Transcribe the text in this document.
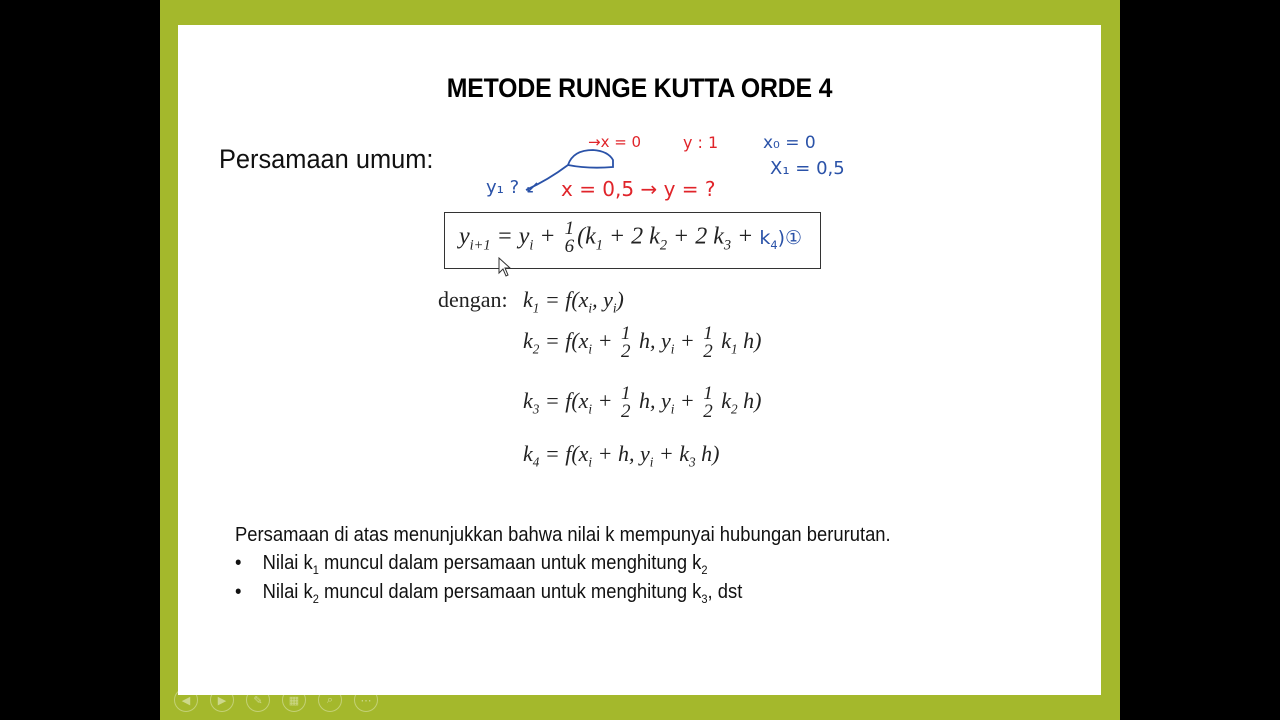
METODE RUNGE KUTTA ORDE 4
Persamaan umum:
→x = 0	y : 1
x = 0,5 → y = ?
y₁ ? ↙
x₀ = 0
X₁ = 0,5
$y_{i+1} = y_i + 1$
6 ($k_1 + 2$ $k_2 + 2$ $k_3$ + $k_4)①$
dengan: $k_1 = f(x_i$, $y_i$)
$k_2 = f(x_i + 1$
2 h, $y_i + 1$
2 $k_1$ h)
$k_3 = f(x_i + 1$
2 h, $y_i + 1$
2 $k_2$ h)
$k_4 = f(x_i + h$, $y_i + k_3$ h)
Persamaan di atas menunjukkan bahwa nilai k mempunyai hubungan berurutan.
• Nilai $k_1$ muncul dalam persamaan untuk menghitung $k_2$
• Nilai $k_2$ muncul dalam persamaan untuk menghitung $k_3$, dst
◀	▶	✎	▦	⌕	⋯
